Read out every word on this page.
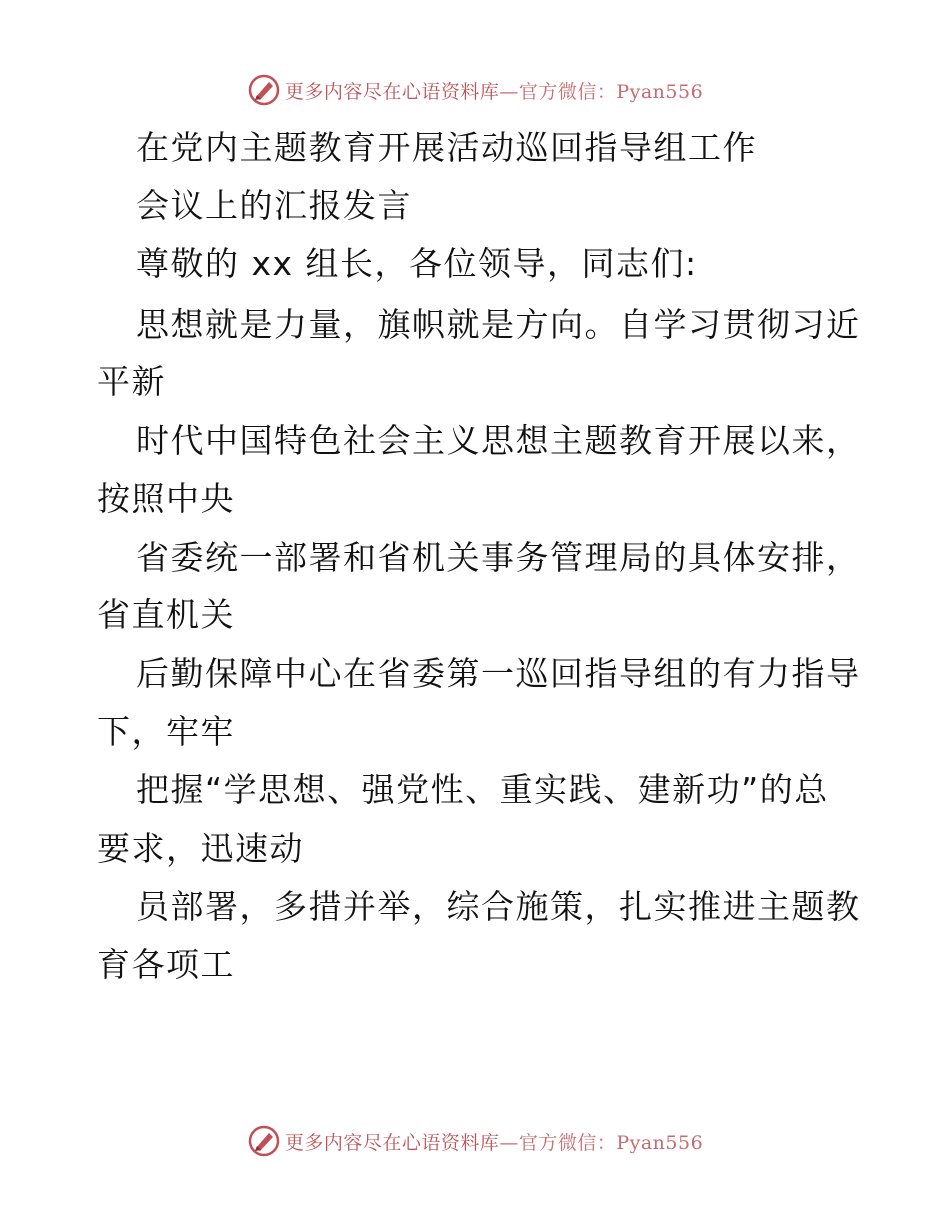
更多内容尽在心语资料库—官方微信：Pyan556
在党内主题教育开展活动巡回指导组工作
会议上的汇报发言
尊敬的 xx 组长，各位领导，同志们:
思想就是力量，旗帜就是方向。自学习贯彻习近
平新
时代中国特色社会主义思想主题教育开展以来，
按照中央
省委统一部署和省机关事务管理局的具体安排，
省直机关
后勤保障中心在省委第一巡回指导组的有力指导
下，牢牢
把握“学思想、强党性、重实践、建新功”的总
要求，迅速动
员部署，多措并举，综合施策，扎实推进主题教
育各项工
更多内容尽在心语资料库—官方微信：Pyan556
